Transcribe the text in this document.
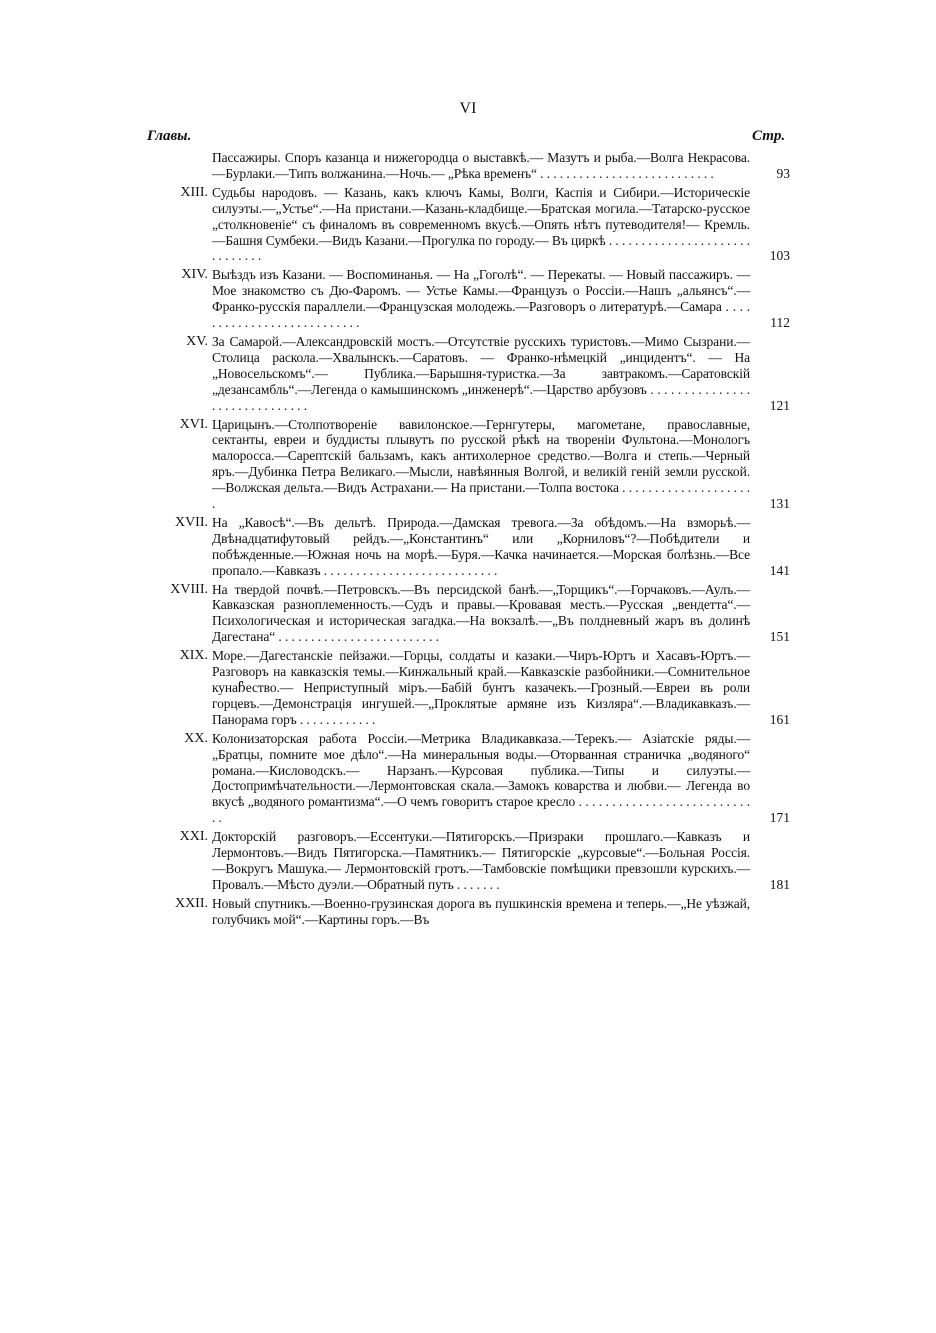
VI
Главы.	Стр.
Пассажиры. Споръ казанца и нижегородца о выставкѣ.— Мазутъ и рыба.—Волга Некрасова.—Бурлаки.—Типъ волжанина.—Ночь.— „Рѣка временъ“ . . . . . . . . . . . . . . . . . . . . . . . . . . .	93
XIII. Судьбы народовъ. — Казань, какъ ключъ Камы, Волги, Каспія и Сибири.—Историческіе силуэты.—„Устье“.—На пристани.—Казань-кладбище.—Братская могила.—Татарско-русское „столкновеніе“ съ финаломъ въ современномъ вкусѣ.—Опять нѣтъ путеводителя!— Кремль.—Башня Сумбеки.—Видъ Казани.—Прогулка по городу.— Въ циркѣ . . . . . . . . . . . . . . . . . . . . . . . . . . . . . .	103
XIV. Выѣздъ изъ Казани. — Воспоминанья. — На „Гоголѣ“. — Перекаты. — Новый пассажиръ. — Мое знакомство съ Дю-Фаромъ. — Устье Камы.—Французъ о Россіи.—Нашъ „альянсъ“.—Франко-русскія параллели.—Французская молодежь.—Разговоръ о литературѣ.—Самара . . . . . . . . . . . . . . . . . . . . . . . . . . .	112
XV. За Самарой.—Александровскій мостъ.—Отсутствіе русскихъ туристовъ.—Мимо Сызрани.—Столица раскола.—Хвалынскъ.—Саратовъ. — Франко-нѣмецкій „инцидентъ“. — На „Новосельскомъ“.— Публика.—Барышня-туристка.—За завтракомъ.—Саратовскій „дезансамбль“.—Легенда о камышинскомъ „инженерѣ“.—Царство арбузовъ . . . . . . . . . . . . . . . . . . . . . . . . . . . . . .	121
XVI. Царицынъ.—Столпотвореніе вавилонское.—Гернгутеры, магометане, православные, сектанты, евреи и буддисты плывутъ по русской рѣкѣ на твореніи Фультона.—Монологъ малоросса.—Сарептскій бальзамъ, какъ антихолерное средство.—Волга и степь.—Черный яръ.—Дубинка Петра Великаго.—Мысли, навѣянныя Волгой, и великій геній земли русской.—Волжская дельта.—Видъ Астрахани.— На пристани.—Толпа востока . . . . . . . . . . . . . . . . . . . . .	131
XVII. На „Кавосѣ“.—Въ дельтѣ. Природа.—Дамская тревога.—За обѣдомъ.—На взморьѣ.—Двѣнадцатифутовый рейдъ.—„Константинъ“ или „Корниловъ“?—Побѣдители и побѣжденные.—Южная ночь на морѣ.—Буря.—Качка начинается.—Морская болѣзнь.—Все пропало.—Кавказъ . . . . . . . . . . . . . . . . . . . . . . . . . . .	141
XVIII. На твердой почвѣ.—Петровскъ.—Въ персидской банѣ.—„Торщикъ“.—Горчаковъ.—Аулъ.—Кавказская разноплеменность.—Судъ и правы.—Кровавая месть.—Русская „вендетта“.—Психологическая и историческая загадка.—На вокзалѣ.—„Въ полдневный жаръ въ долинѣ Дагестана“ . . . . . . . . . . . . . . . . . . . . . . . . .	151
XIX. Море.—Дагестанскіе пейзажи.—Горцы, солдаты и казаки.—Чиръ-Юртъ и Хасавъ-Юртъ.—Разговоръ на кавказскія темы.—Кинжальный край.—Кавказскіе разбойники.—Сомнительное кунаჩество.— Неприступный міръ.—Бабій бунтъ казачекъ.—Грозный.—Евреи въ роли горцевъ.—Демонстрація ингушей.—„Проклятые армяне изъ Кизляра“.—Владикавказъ.—Панорама горъ . . . . . . . . . . . .	161
XX. Колонизаторская работа Россіи.—Метрика Владикавказа.—Терекъ.— Азіатскіе ряды.—„Братцы, помните мое дѣло“.—На минеральныя воды.—Оторванная страничка „водяного“ романа.—Кисловодскъ.— Нарзанъ.—Курсовая публика.—Типы и силуэты.—Достопримѣчательности.—Лермонтовская скала.—Замокъ коварства и любви.— Легенда во вкусѣ „водяного романтизма“.—О чемъ говоритъ старое кресло . . . . . . . . . . . . . . . . . . . . . . . . . . . .	171
XXI. Докторскій разговоръ.—Ессентуки.—Пятигорскъ.—Призраки прошлаго.—Кавказъ и Лермонтовъ.—Видъ Пятигорска.—Памятникъ.— Пятигорскіе „курсовые“.—Больная Россія.—Вокругъ Машука.— Лермонтовскій гротъ.—Тамбовскіе помѣщики превзошли курскихъ.—Провалъ.—Мѣсто дуэли.—Обратный путь . . . . . . .	181
XXII. Новый спутникъ.—Военно-грузинская дорога въ пушкинскія времена и теперь.—„Не уѣзжай, голубчикъ мой“.—Картины горъ.—Въ
